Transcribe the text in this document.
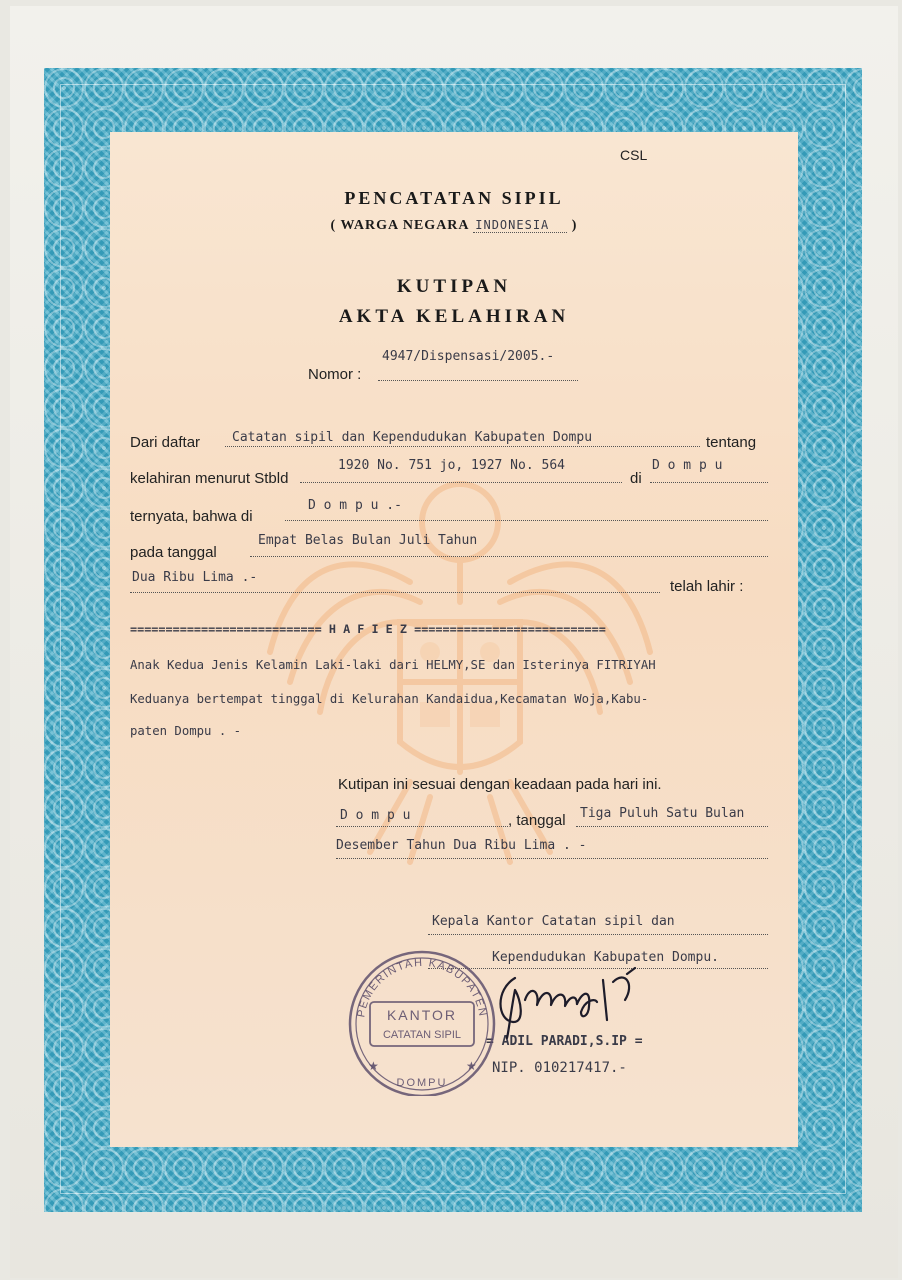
CSL
PENCATATAN SIPIL
( WARGA NEGARA INDONESIA )
KUTIPAN
AKTA KELAHIRAN
4947/Dispensasi/2005.-
Nomor :
Dari daftar Catatan sipil dan Kependudukan Kabupaten Dompu	tentang
kelahiran menurut Stbld
1920 No. 751 jo, 1927 No. 564
di
D o m p u
ternyata, bahwa di
D o m p u .-
pada tanggal
Empat Belas Bulan Juli Tahun
Dua Ribu Lima .-
telah lahir :
=========================== H A F I E Z ===========================
Anak Kedua Jenis Kelamin Laki-laki dari HELMY,SE dan Isterinya FITRIYAH
Keduanya bertempat tinggal di Kelurahan Kandaidua,Kecamatan Woja,Kabu-
paten Dompu . -
Kutipan ini sesuai dengan keadaan pada hari ini.
D o m p u	, tanggal Tiga Puluh Satu Bulan
Desember Tahun Dua Ribu Lima . -
Kepala Kantor Catatan sipil dan
Kependudukan Kabupaten Dompu.
= ADIL PARADI,S.IP =
NIP. 010217417.-
PEMERINTAH KABUPATEN
KANTOR
CATATAN SIPIL
DOMPU
★	★
